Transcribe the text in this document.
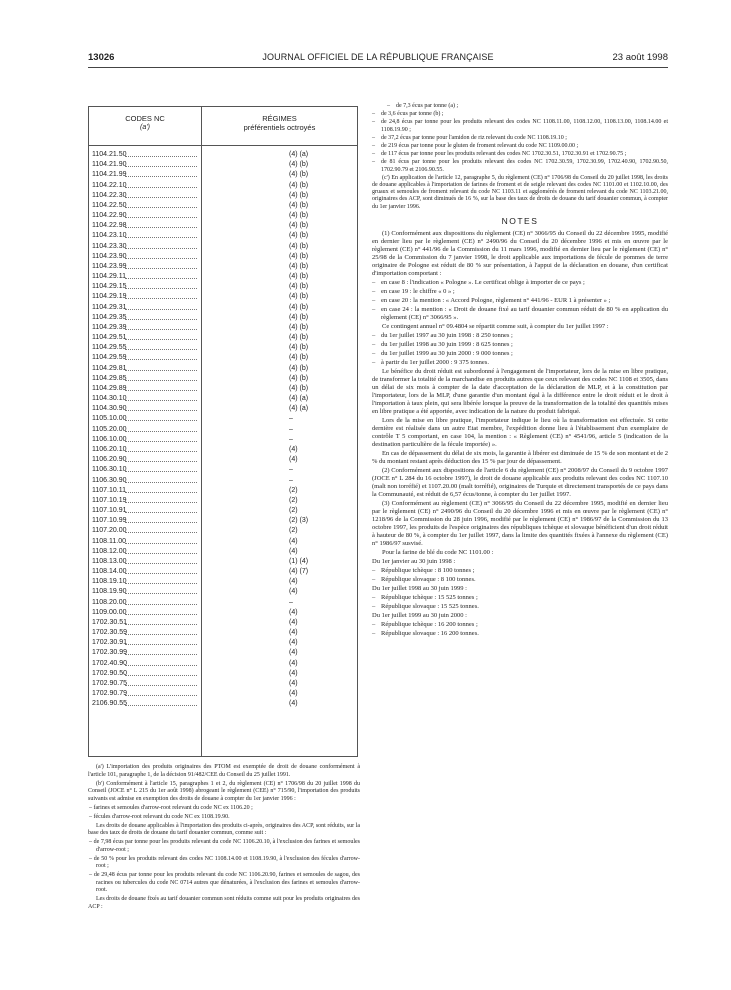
13026	JOURNAL OFFICIEL DE LA RÉPUBLIQUE FRANÇAISE	23 août 1998
CODES NC
(a')
RÉGIMES
préférentiels octroyés
1104.21.50	(4) (a)
1104.21.90	(4) (b)
1104.21.99	(4) (b)
1104.22.10	(4) (b)
1104.22.30	(4) (b)
1104.22.50	(4) (b)
1104.22.90	(4) (b)
1104.22.98	(4) (b)
1104.23.10	(4) (b)
1104.23.30	(4) (b)
1104.23.90	(4) (b)
1104.23.99	(4) (b)
1104.29.11	(4) (b)
1104.29.15	(4) (b)
1104.29.19	(4) (b)
1104.29.31	(4) (b)
1104.29.35	(4) (b)
1104.29.39	(4) (b)
1104.29.51	(4) (b)
1104.29.55	(4) (b)
1104.29.59	(4) (b)
1104.29.81	(4) (b)
1104.29.85	(4) (b)
1104.29.89	(4) (b)
1104.30.10	(4) (a)
1104.30.90	(4) (a)
1105.10.00	–
1105.20.00	–
1106.10.00	–
1106.20.10	(4)
1106.20.90	(4)
1106.30.10	–
1106.30.90	–
1107.10.11	(2)
1107.10.19	(2)
1107.10.91	(2)
1107.10.99	(2) (3)
1107.20.00	(2)
1108.11.00	(4)
1108.12.00	(4)
1108.13.00	(1) (4)
1108.14.00	(4) (7)
1108.19.10	(4)
1108.19.90	(4)
1108.20.00	–
1109.00.00	(4)
1702.30.51	(4)
1702.30.59	(4)
1702.30.91	(4)
1702.30.99	(4)
1702.40.90	(4)
1702.90.50	(4)
1702.90.75	(4)
1702.90.79	(4)
2106.90.55	(4)

(a') L'importation des produits originaires des PTOM est exemptée de droit de douane conformément à l'article 101, paragraphe 1, de la décision 91/482/CEE du Conseil du 25 juillet 1991.

(b') Conformément à l'article 15, paragraphes 1 et 2, du règlement (CE) n° 1706/98 du 20 juillet 1998 du Conseil (JOCE n° L 215 du 1er août 1998) abrogeant le règlement (CEE) n° 715/90, l'importation des produits suivants est admise en exemption des droits de douane à compter du 1er janvier 1996 :

– farines et semoules d'arrow-root relevant du code NC ex 1106.20 ;

– fécules d'arrow-root relevant du code NC ex 1108.19.90.

Les droits de douane applicables à l'importation des produits ci-après, originaires des ACP, sont réduits, sur la base des taux de droits de douane du tarif douanier commun, comme suit :

– de 7,98 écus par tonne pour les produits relevant du code NC 1106.20.10, à l'exclusion des farines et semoules d'arrow-root ;

– de 50 % pour les produits relevant des codes NC 1108.14.00 et 1108.19.90, à l'exclusion des fécules d'arrow-root ;

– de 29,48 écus par tonne pour les produits relevant du code NC 1106.20.90, farines et semoules de sagou, des racines ou tubercules du code NC 0714 autres que dénaturées, à l'exclusion des farines et semoules d'arrow-root.

Les droits de douane fixés au tarif douanier commun sont réduits comme suit pour les produits originaires des ACP :

– de 7,3 écus par tonne (a) ;

– de 3,6 écus par tonne (b) ;

– de 24,8 écus par tonne pour les produits relevant des codes NC 1108.11.00, 1108.12.00, 1108.13.00, 1108.14.00 et 1108.19.90 ;

– de 37,2 écus par tonne pour l'amidon de riz relevant du code NC 1108.19.10 ;

– de 219 écus par tonne pour le gluten de froment relevant du code NC 1109.00.00 ;

– de 117 écus par tonne pour les produits relevant des codes NC 1702.30.51, 1702.30.91 et 1702.90.75 ;

– de 81 écus par tonne pour les produits relevant des codes NC 1702.30.59, 1702.30.99, 1702.40.90, 1702.90.50, 1702.90.79 et 2106.90.55.

(c') En application de l'article 12, paragraphe 5, du règlement (CE) n° 1706/98 du Conseil du 20 juillet 1998, les droits de douane applicables à l'importation de farines de froment et de seigle relevant des codes NC 1101.00 et 1102.10.00, des gruaux et semoules de froment relevant du code NC 1103.11 et agglomérés de froment relevant du code NC 1103.21.00, originaires des ACP, sont diminués de 16 %, sur la base des taux de droits de douane du tarif douanier commun, à compter du 1er janvier 1996.

NOTES

(1) Conformément aux dispositions du règlement (CE) n° 3066/95 du Conseil du 22 décembre 1995, modifié en dernier lieu par le règlement (CE) n° 2490/96 du Conseil du 20 décembre 1996 et mis en œuvre par le règlement (CE) n° 441/96 de la Commission du 11 mars 1996, modifié en dernier lieu par le règlement (CE) n° 25/98 de la Commission du 7 janvier 1998, le droit applicable aux importations de fécule de pommes de terre originaire de Pologne est réduit de 80 % sur présentation, à l'appui de la déclaration en douane, d'un certificat d'importation comportant :

– en case 8 : l'indication « Pologne ». Le certificat oblige à importer de ce pays ;

– en case 19 : le chiffre « 0 » ;

– en case 20 : la mention : « Accord Pologne, règlement n° 441/96 - EUR 1 à présenter » ;

– en case 24 : la mention : « Droit de douane fixé au tarif douanier commun réduit de 80 % en application du règlement (CE) n° 3066/95 ».

Ce contingent annuel n° 09.4804 se répartit comme suit, à compter du 1er juillet 1997 :

– du 1er juillet 1997 au 30 juin 1998 : 8 250 tonnes ;

– du 1er juillet 1998 au 30 juin 1999 : 8 625 tonnes ;

– du 1er juillet 1999 au 30 juin 2000 : 9 000 tonnes ;

– à partir du 1er juillet 2000 : 9 375 tonnes.

Le bénéfice du droit réduit est subordonné à l'engagement de l'importateur, lors de la mise en libre pratique, de transformer la totalité de la marchandise en produits autres que ceux relevant des codes NC 1108 et 3505, dans un délai de six mois à compter de la date d'acceptation de la déclaration de MLP, et à la constitution par l'importateur, lors de la MLP, d'une garantie d'un montant égal à la différence entre le droit réduit et le droit à l'importation à taux plein, qui sera libérée lorsque la preuve de la transformation de la totalité des quantités mises en libre pratique a été apportée, avec indication de la nature du produit fabriqué.

Lors de la mise en libre pratique, l'importateur indique le lieu où la transformation est effectuée. Si cette dernière est réalisée dans un autre Etat membre, l'expédition donne lieu à l'établissement d'un exemplaire de contrôle T 5 comportant, en case 104, la mention : « Règlement (CE) n° 4541/96, article 5 (indication de la destination particulière de la fécule importée) ».

En cas de dépassement du délai de six mois, la garantie à libérer est diminuée de 15 % de son montant et de 2 % du montant restant après déduction des 15 % par jour de dépassement.

(2) Conformément aux dispositions de l'article 6 du règlement (CE) n° 2008/97 du Conseil du 9 octobre 1997 (JOCE n° L 284 du 16 octobre 1997), le droit de douane applicable aux produits relevant des codes NC 1107.10 (malt non torréfié) et 1107.20.00 (malt torréfié), originaires de Turquie et directement transportés de ce pays dans la Communauté, est réduit de 6,57 écus/tonne, à compter du 1er juillet 1997.

(3) Conformément au règlement (CE) n° 3066/95 du Conseil du 22 décembre 1995, modifié en dernier lieu par le règlement (CE) n° 2490/96 du Conseil du 20 décembre 1996 et mis en œuvre par le règlement (CE) n° 1218/96 de la Commission du 28 juin 1996, modifié par le règlement (CE) n° 1986/97 de la Commission du 13 octobre 1997, les produits de l'espèce originaires des républiques tchèque et slovaque bénéficient d'un droit réduit à hauteur de 80 %, à compter du 1er juillet 1997, dans la limite des quantités fixées à l'annexe du règlement (CE) n° 1986/97 susvisé.

Pour la farine de blé du code NC 1101.00 :

Du 1er janvier au 30 juin 1998 :

– République tchèque : 8 100 tonnes ;

– République slovaque : 8 100 tonnes.

Du 1er juillet 1998 au 30 juin 1999 :

– République tchèque : 15 525 tonnes ;

– République slovaque : 15 525 tonnes.

Du 1er juillet 1999 au 30 juin 2000 :

– République tchèque : 16 200 tonnes ;

– République slovaque : 16 200 tonnes.
